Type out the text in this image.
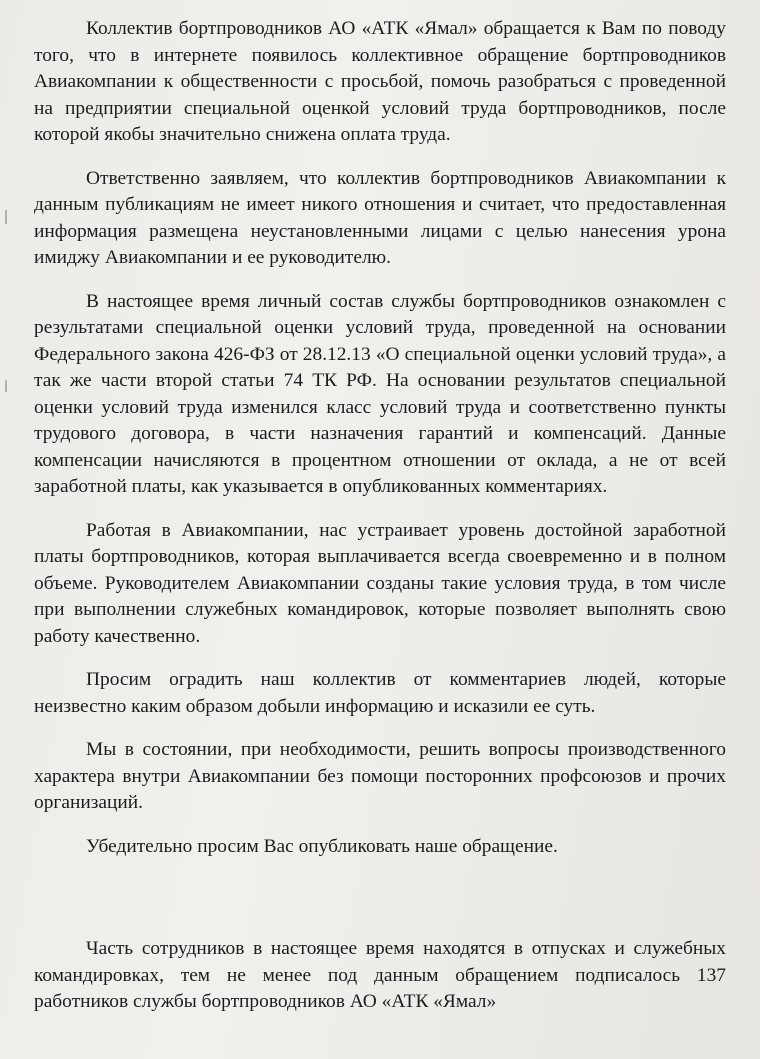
Коллектив бортпроводников АО «АТК «Ямал» обращается к Вам по поводу того, что в интернете появилось коллективное обращение бортпроводников Авиакомпании к общественности с просьбой, помочь разобраться с проведенной на предприятии специальной оценкой условий труда бортпроводников, после которой якобы значительно снижена оплата труда.

Ответственно заявляем, что коллектив бортпроводников Авиакомпании к данным публикациям не имеет никого отношения и считает, что предоставленная информация размещена неустановленными лицами с целью нанесения урона имиджу Авиакомпании и ее руководителю.

В настоящее время личный состав службы бортпроводников ознакомлен с результатами специальной оценки условий труда, проведенной на основании Федерального закона 426-ФЗ от 28.12.13 «О специальной оценки условий труда», а так же части второй статьи 74 ТК РФ. На основании результатов специальной оценки условий труда изменился класс условий труда и соответственно пункты трудового договора, в части назначения гарантий и компенсаций. Данные компенсации начисляются в процентном отношении от оклада, а не от всей заработной платы, как указывается в опубликованных комментариях.

Работая в Авиакомпании, нас устраивает уровень достойной заработной платы бортпроводников, которая выплачивается всегда своевременно и в полном объеме. Руководителем Авиакомпании созданы такие условия труда, в том числе при выполнении служебных командировок, которые позволяет выполнять свою работу качественно.

Просим оградить наш коллектив от комментариев людей, которые неизвестно каким образом добыли информацию и исказили ее суть.

Мы в состоянии, при необходимости, решить вопросы производственного характера внутри Авиакомпании без помощи посторонних профсоюзов и прочих организаций.

Убедительно просим Вас опубликовать наше обращение.

Часть сотрудников в настоящее время находятся в отпусках и служебных командировках, тем не менее под данным обращением подписалось 137 работников службы бортпроводников АО «АТК «Ямал»
